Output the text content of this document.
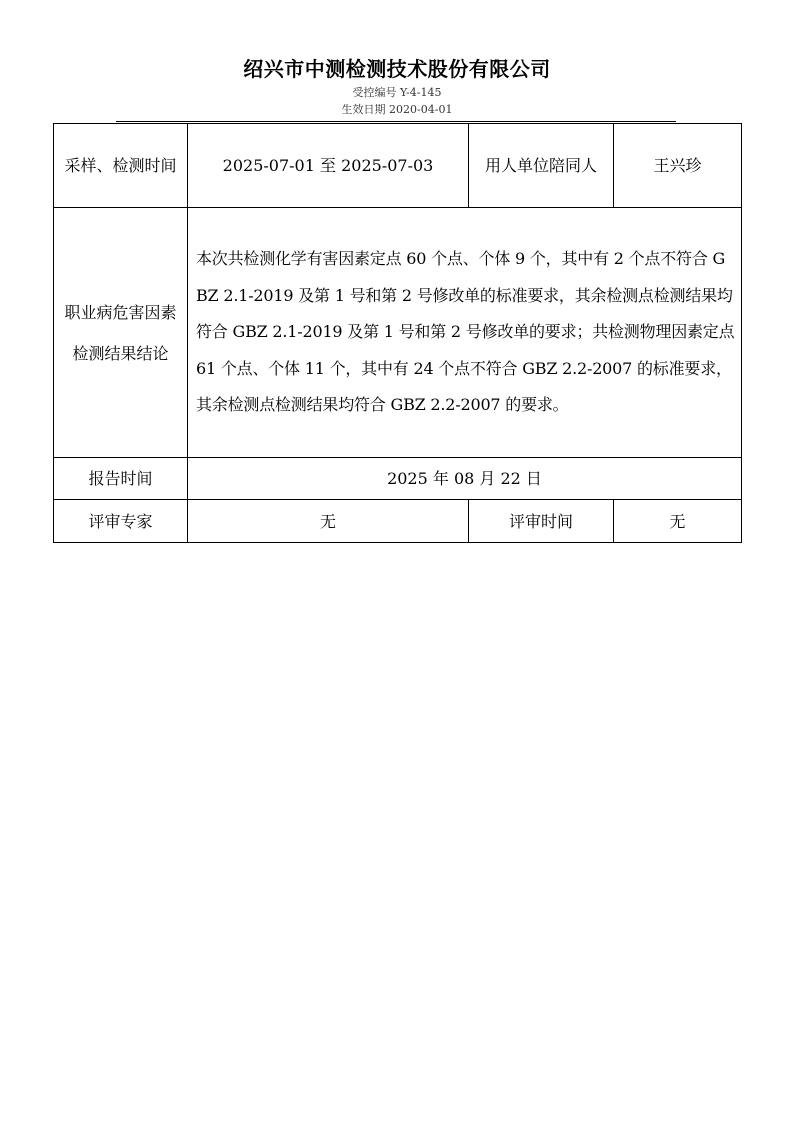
绍兴市中测检测技术股份有限公司
受控编号 Y-4-145
生效日期 2020-04-01
采样、检测时间	2025-07-01 至 2025-07-03	用人单位陪同人	王兴珍
职业病危害因素检测结果结论	本次共检测化学有害因素定点 60 个点、个体 9 个，其中有 2 个点不符合 GBZ 2.1-2019 及第 1 号和第 2 号修改单的标准要求，其余检测点检测结果均符合 GBZ 2.1-2019 及第 1 号和第 2 号修改单的要求；共检测物理因素定点 61 个点、个体 11 个，其中有 24 个点不符合 GBZ 2.2-2007 的标准要求，其余检测点检测结果均符合 GBZ 2.2-2007 的要求。		
报告时间	2025 年 08 月 22 日		
评审专家	无	评审时间	无
